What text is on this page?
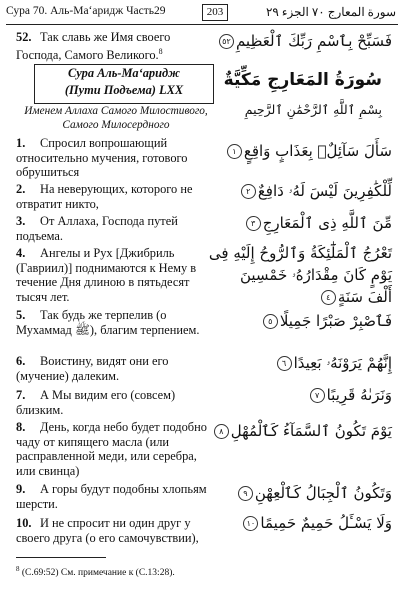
Сура 70. Аль-Ма‘аридж Часть29	203	سورة المعارج ٧٠ الجزء ٢٩
52. Так славь же Имя своего Господа, Самого Великого.$^8$
Сура Аль-Ма‘аридж
(Пути Подъема) LXX
Именем Аллаха Самого Милостивого, Самого Милосердного
1. Спросил вопрошающий относительно мучения, готового обрушиться
2. На неверующих, которого не отвратит никто,
3. От Аллаха, Господа путей подъема.
4. Ангелы и Рух [Джибриль (Гавриил)] поднимаются к Нему в течение Дня длиною в пятьдесят тысяч лет.
5. Так будь же терпелив (о Мухаммад ﷺ), благим терпением.
6. Воистину, видят они его (мучение) далеким.
7. А Мы видим его (совсем) близким.
8. День, когда небо будет подобно чаду от кипящего масла (или расправленной меди, или серебра, или свинца)
9. А горы будут подобны хлопьям шерсти.
10. И не спросит ни один друг у своего друга (о его самочувствии),
فَسَبِّحْ بِٱسْمِ رَبِّكَ ٱلْعَظِيمِ٥٢
سُورَةُ المَعَارِجِ مَكِّيَّةٌ
بِسْمِ ٱللَّهِ ٱلرَّحْمَٰنِ ٱلرَّحِيمِ
سَأَلَ سَآئِلٌۢ بِعَذَابٍ وَاقِعٍ١
لِّلْكَٰفِرِينَ لَيْسَ لَهُۥ دَافِعٌ٢
مِّنَ ٱللَّهِ ذِى ٱلْمَعَارِجِ٣
تَعْرُجُ ٱلْمَلَٰٓئِكَةُ وَٱلرُّوحُ إِلَيْهِ فِى
يَوْمٍ كَانَ مِقْدَارُهُۥ خَمْسِينَ
أَلْفَ سَنَةٍ٤
فَٱصْبِرْ صَبْرًا جَمِيلًا٥
إِنَّهُمْ يَرَوْنَهُۥ بَعِيدًا٦
وَنَرَىٰهُ قَرِيبًا٧
يَوْمَ تَكُونُ ٱلسَّمَآءُ كَٱلْمُهْلِ٨
وَتَكُونُ ٱلْجِبَالُ كَٱلْعِهْنِ٩
وَلَا يَسْـَٔلُ حَمِيمٌ حَمِيمًا١٠
$^8$ (С.69:52) См. примечание к (С.13:28).
